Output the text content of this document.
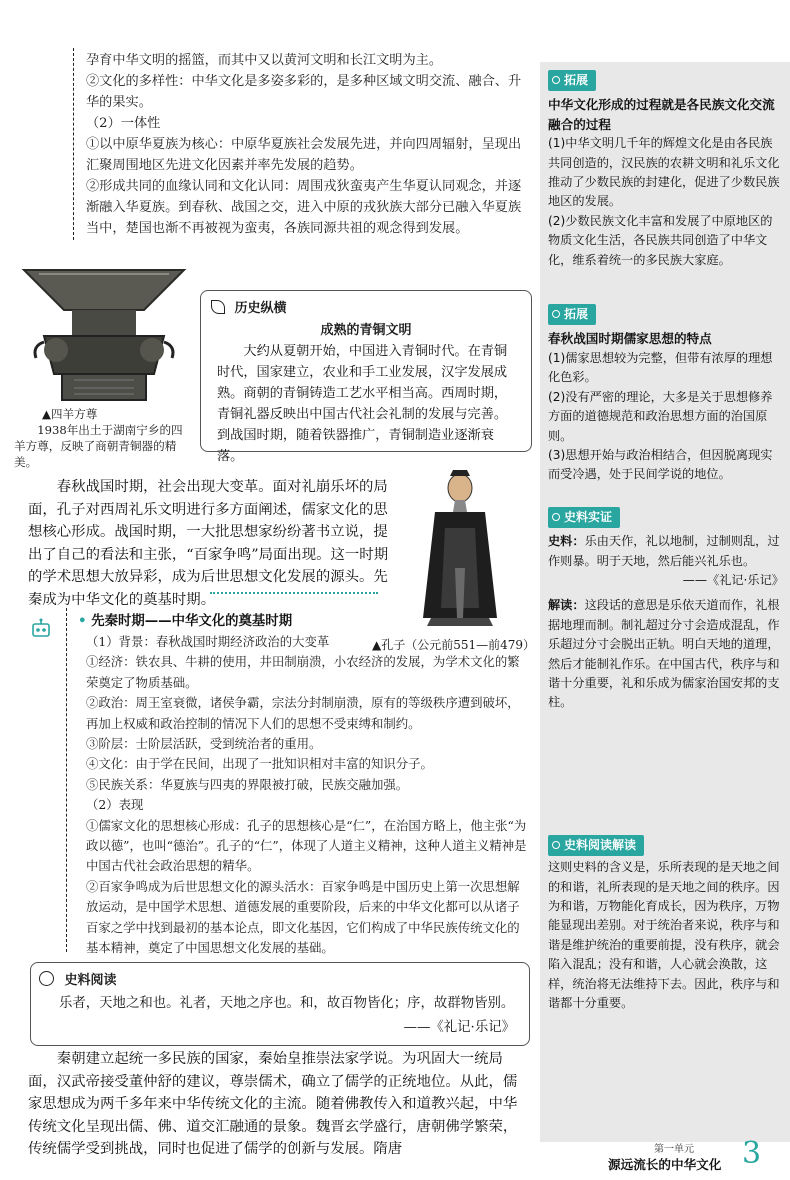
孕育中华文明的摇篮，而其中又以黄河文明和长江文明为主。

②文化的多样性：中华文化是多姿多彩的，是多种区域文明交流、融合、升华的果实。

（2）一体性

①以中原华夏族为核心：中原华夏族社会发展先进，并向四周辐射，呈现出汇聚周围地区先进文化因素并率先发展的趋势。

②形成共同的血缘认同和文化认同：周围戎狄蛮夷产生华夏认同观念，并逐渐融入华夏族。到春秋、战国之交，进入中原的戎狄族大部分已融入华夏族当中，楚国也渐不再被视为蛮夷，各族同源共祖的观念得到发展。

▲四羊方尊
1938年出土于湖南宁乡的四羊方尊，反映了商朝青铜器的精美。
历史纵横
成熟的青铜文明
大约从夏朝开始，中国进入青铜时代。在青铜时代，国家建立，农业和手工业发展，汉字发展成熟。商朝的青铜铸造工艺水平相当高。西周时期，青铜礼器反映出中国古代社会礼制的发展与完善。到战国时期，随着铁器推广，青铜制造业逐渐衰落。
春秋战国时期，社会出现大变革。面对礼崩乐坏的局面，孔子对西周礼乐文明进行多方面阐述，儒家文化的思想核心形成。战国时期，一大批思想家纷纷著书立说，提出了自己的看法和主张，“百家争鸣”局面出现。这一时期的学术思想大放异彩，成为后世思想文化发展的源头。先秦成为中华文化的奠基时期。
▲孔子（公元前551—前479）
• 先秦时期——中华文化的奠基时期

（1）背景：春秋战国时期经济政治的大变革

①经济：铁农具、牛耕的使用，井田制崩溃，小农经济的发展，为学术文化的繁荣奠定了物质基础。

②政治：周王室衰微，诸侯争霸，宗法分封制崩溃，原有的等级秩序遭到破坏，再加上权威和政治控制的情况下人们的思想不受束缚和制约。

③阶层：士阶层活跃，受到统治者的重用。

④文化：由于学在民间，出现了一批知识相对丰富的知识分子。

⑤民族关系：华夏族与四夷的界限被打破，民族交融加强。

（2）表现

①儒家文化的思想核心形成：孔子的思想核心是“仁”，在治国方略上，他主张“为政以德”，也叫“德治”。孔子的“仁”，体现了人道主义精神，这种人道主义精神是中国古代社会政治思想的精华。

②百家争鸣成为后世思想文化的源头活水：百家争鸣是中国历史上第一次思想解放运动，是中国学术思想、道德发展的重要阶段，后来的中华文化都可以从诸子百家之学中找到最初的基本论点，即文化基因，它们构成了中华民族传统文化的基本精神，奠定了中国思想文化发展的基础。

史料阅读
乐者，天地之和也。礼者，天地之序也。和，故百物皆化；序，故群物皆别。
——《礼记·乐记》
秦朝建立起统一多民族的国家，秦始皇推崇法家学说。为巩固大一统局面，汉武帝接受董仲舒的建议，尊崇儒术，确立了儒学的正统地位。从此，儒家思想成为两千多年来中华传统文化的主流。随着佛教传入和道教兴起，中华传统文化呈现出儒、佛、道交汇融通的景象。魏晋玄学盛行，唐朝佛学繁荣，传统儒学受到挑战，同时也促进了儒学的创新与发展。隋唐
拓展

中华文化形成的过程就是各民族文化交流融合的过程

(1)中华文明几千年的辉煌文化是由各民族共同创造的，汉民族的农耕文明和礼乐文化推动了少数民族的封建化，促进了少数民族地区的发展。

(2)少数民族文化丰富和发展了中原地区的物质文化生活，各民族共同创造了中华文化，维系着统一的多民族大家庭。

拓展

春秋战国时期儒家思想的特点

(1)儒家思想较为完整，但带有浓厚的理想化色彩。

(2)没有严密的理论，大多是关于思想修养方面的道德规范和政治思想方面的治国原则。

(3)思想开始与政治相结合，但因脱离现实而受冷遇，处于民间学说的地位。

史料实证

史料：乐由天作，礼以地制，过制则乱，过作则暴。明于天地，然后能兴礼乐也。

——《礼记·乐记》

解读：这段话的意思是乐依天道而作，礼根据地理而制。制礼超过分寸会造成混乱，作乐超过分寸会脱出正轨。明白天地的道理，然后才能制礼作乐。在中国古代，秩序与和谐十分重要，礼和乐成为儒家治国安邦的支柱。

史料阅读解读

这则史料的含义是，乐所表现的是天地之间的和谐，礼所表现的是天地之间的秩序。因为和谐，万物能化育成长，因为秩序，万物能显现出差别。对于统治者来说，秩序与和谐是维护统治的重要前提，没有秩序，就会陷入混乱；没有和谐，人心就会涣散，这样，统治将无法维持下去。因此，秩序与和谐都十分重要。

第一单元
源远流长的中华文化 3
